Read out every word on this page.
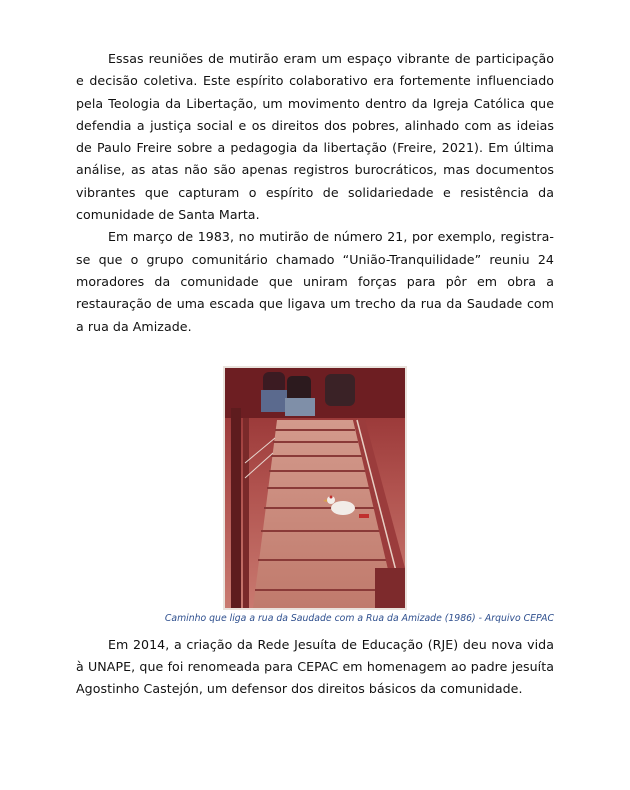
Essas reuniões de mutirão eram um espaço vibrante de participação e decisão coletiva. Este espírito colaborativo era fortemente influenciado pela Teologia da Libertação, um movimento dentro da Igreja Católica que defendia a justiça social e os direitos dos pobres, alinhado com as ideias de Paulo Freire sobre a pedagogia da libertação (Freire, 2021). Em última análise, as atas não são apenas registros burocráticos, mas documentos vibrantes que capturam o espírito de solidariedade e resistência da comunidade de Santa Marta.

Em março de 1983, no mutirão de número 21, por exemplo, registra-se que o grupo comunitário chamado “União-Tranquilidade” reuniu 24 moradores da comunidade que uniram forças para pôr em obra a restauração de uma escada que ligava um trecho da rua da Saudade com a rua da Amizade.

Caminho que liga a rua da Saudade com a Rua da Amizade (1986) - Arquivo CEPAC

Em 2014, a criação da Rede Jesuíta de Educação (RJE) deu nova vida à UNAPE, que foi renomeada para CEPAC em homenagem ao padre jesuíta Agostinho Castejón, um defensor dos direitos básicos da comunidade.
